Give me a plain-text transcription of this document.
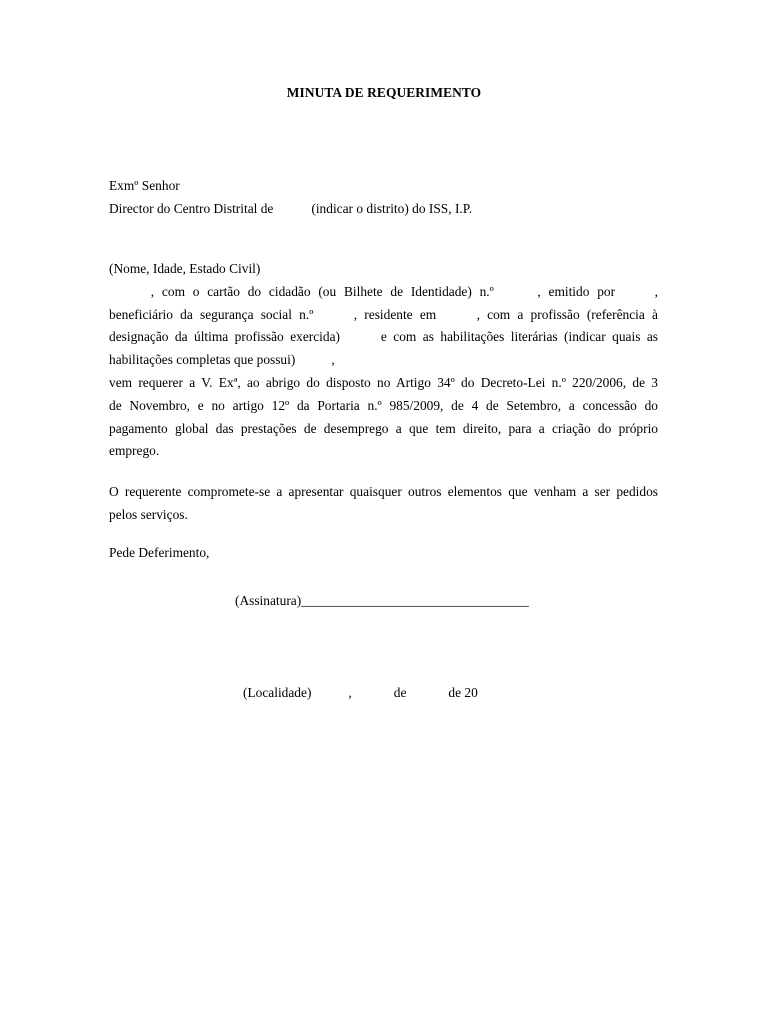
MINUTA DE REQUERIMENTO
Exmº Senhor
Director do Centro Distrital de	(indicar o distrito) do ISS, I.P.
(Nome, Idade, Estado Civil)
, com o cartão do cidadão (ou Bilhete de Identidade) n.º	, emitido por	,
beneficiário da segurança social n.º	, residente em	, com a profissão (referência à
designação da última profissão exercida)	e com as habilitações literárias (indicar quais as
habilitações completas que possui)	,
vem requerer a V. Exª, ao abrigo do disposto no Artigo 34º do Decreto-Lei n.º 220/2006, de 3
de Novembro, e no artigo 12º da Portaria n.º 985/2009, de 4 de Setembro, a concessão do
pagamento global das prestações de desemprego a que tem direito, para a criação do próprio
emprego.
O requerente compromete-se a apresentar quaisquer outros elementos que venham a ser pedidos
pelos serviços.
Pede Deferimento,
(Assinatura)__________________________________
(Localidade)	,	de	de 20
